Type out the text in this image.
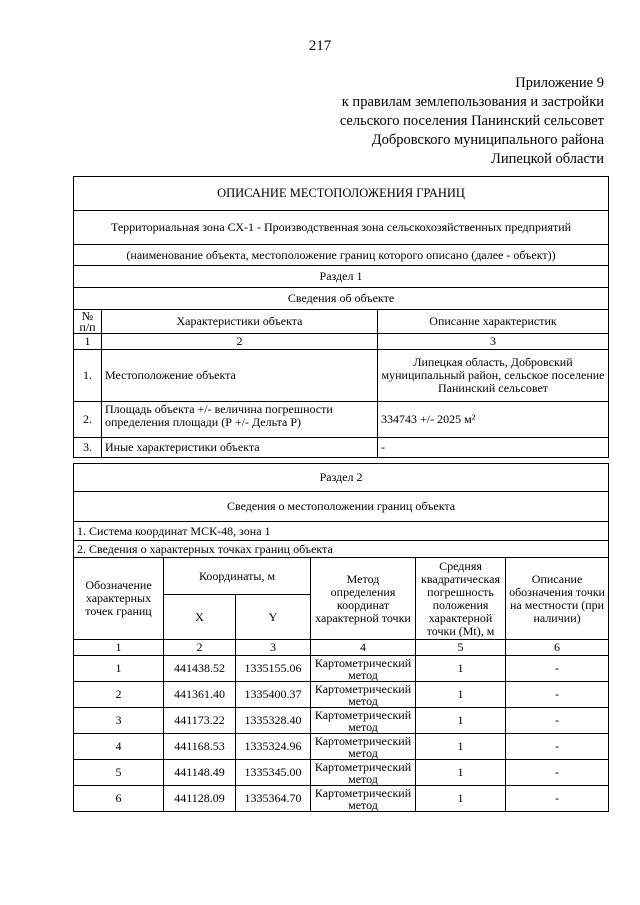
217
Приложение 9
к правилам землепользования и застройки
сельского поселения Панинский сельсовет
Добровского муниципального района
Липецкой области
ОПИСАНИЕ МЕСТОПОЛОЖЕНИЯ ГРАНИЦ		
Территориальная зона СХ-1 - Производственная зона сельскохозяйственных предприятий		
(наименование объекта, местоположение границ которого описано (далее - объект))		
Раздел 1		
Сведения об объекте		

№ п/п	Характеристики объекта	Описание характеристик
1	2	3
1.	Местоположение объекта	Липецкая область, Добровский муниципальный район, сельское поселение Панинский сельсовет
2.	Площадь объекта +/- величина погрешности определения площади (Р +/- Дельта Р)	334743 +/- 2025 м²
3.	Иные характеристики объекта	-
Раздел 2					
Сведения о местоположении границ объекта					
1. Система координат МСК-48, зона 1					
2. Сведения о характерных точках границ объекта					
Обозначение характерных точек границ	Координаты, м		Метод определения координат характерной точки	Средняя квадратическая погрешность положения характерной точки (Mt), м	Описание обозначения точки на местности (при наличии)
	X	Y			
1	2	3	4	5	6
1	441438.52	1335155.06	Картометрический метод	1	-
2	441361.40	1335400.37	Картометрический метод	1	-
3	441173.22	1335328.40	Картометрический метод	1	-
4	441168.53	1335324.96	Картометрический метод	1	-
5	441148.49	1335345.00	Картометрический метод	1	-
6	441128.09	1335364.70	Картометрический метод	1	-
